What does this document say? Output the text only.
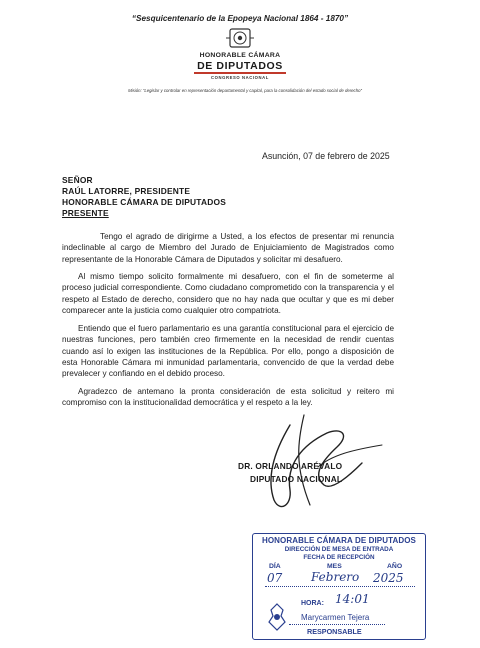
“Sesquicentenario de la Epopeya Nacional 1864 - 1870”
HONORABLE CÁMARA
DE DIPUTADOS
CONGRESO NACIONAL
Misión: “Legislar y controlar en representación departamental y capital, para la consolidación del estado social de derecho”
Asunción, 07 de febrero de 2025
SEÑOR
RAÚL LATORRE, PRESIDENTE
HONORABLE CÁMARA DE DIPUTADOS
PRESENTE
Tengo el agrado de dirigirme a Usted, a los efectos de presentar mi renuncia indeclinable al cargo de Miembro del Jurado de Enjuiciamiento de Magistrados como representante de la Honorable Cámara de Diputados y solicitar mi desafuero.
Al mismo tiempo solicito formalmente mi desafuero, con el fin de someterme al proceso judicial correspondiente. Como ciudadano comprometido con la transparencia y el respeto al Estado de derecho, considero que no hay nada que ocultar y que es mi deber comparecer ante la justicia como cualquier otro compatriota.
Entiendo que el fuero parlamentario es una garantía constitucional para el ejercicio de nuestras funciones, pero también creo firmemente en la necesidad de rendir cuentas cuando así lo exigen las instituciones de la República. Por ello, pongo a disposición de esta Honorable Cámara mi inmunidad parlamentaria, convencido de que la verdad debe prevalecer y confiando en el debido proceso.
Agradezco de antemano la pronta consideración de esta solicitud y reitero mi compromiso con la institucionalidad democrática y el respeto a la ley.
DR. ORLANDO ARÉVALO
DIPUTADO NACIONAL
HONORABLE CÁMARA DE DIPUTADOS
DIRECCIÓN DE MESA DE ENTRADA
FECHA DE RECEPCIÓN
DÍA	MES	AÑO
07 Febrero 2025
HORA: 14:01
Marycarmen Tejera
RESPONSABLE
